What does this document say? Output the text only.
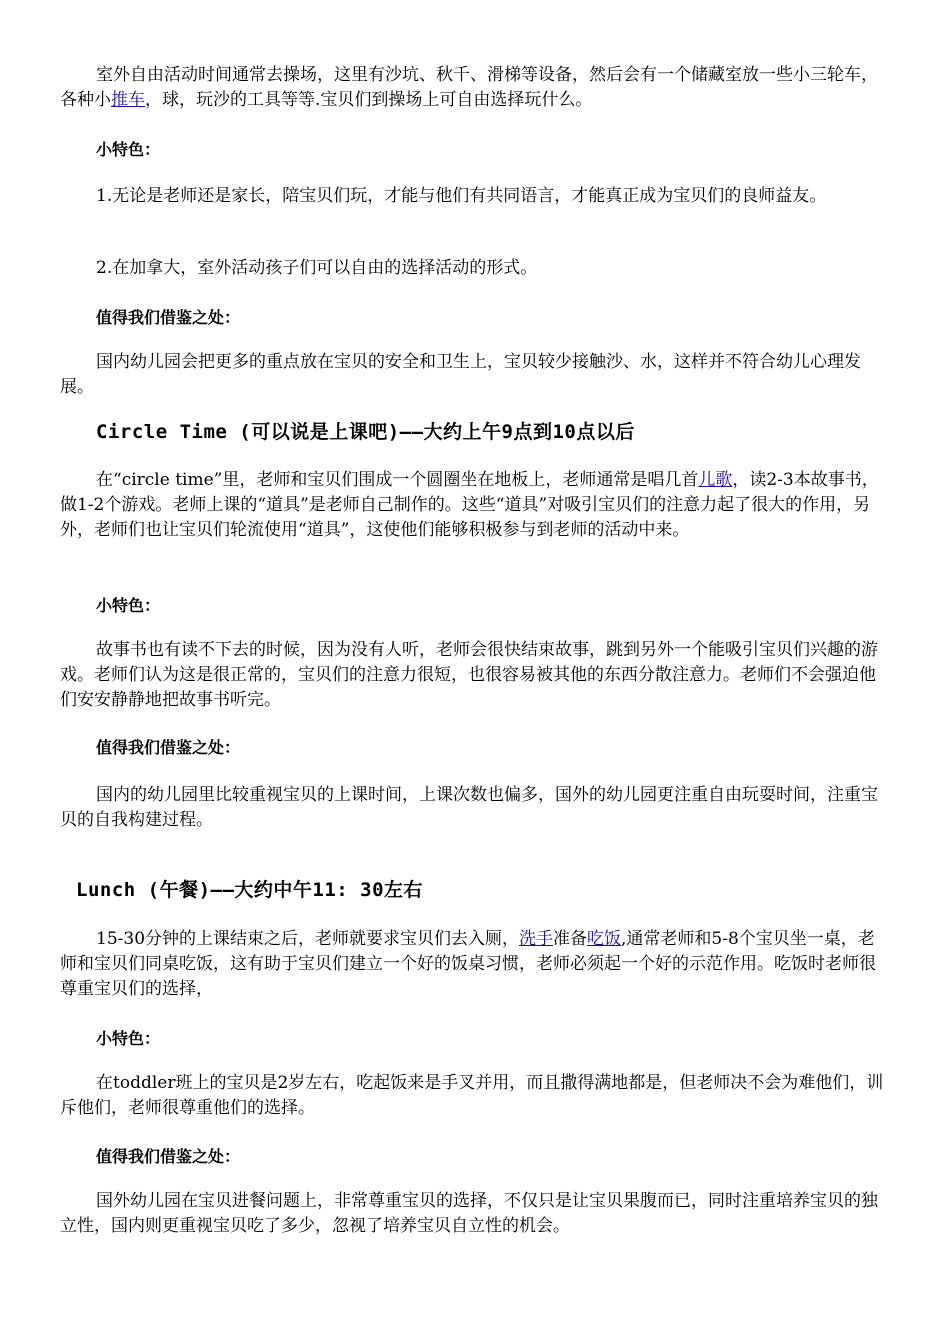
室外自由活动时间通常去操场，这里有沙坑、秋千、滑梯等设备，然后会有一个储藏室放一些小三轮车，各种小推车，球，玩沙的工具等等.宝贝们到操场上可自由选择玩什么。

小特色：

1.无论是老师还是家长，陪宝贝们玩，才能与他们有共同语言，才能真正成为宝贝们的良师益友。

2.在加拿大，室外活动孩子们可以自由的选择活动的形式。

值得我们借鉴之处：

国内幼儿园会把更多的重点放在宝贝的安全和卫生上，宝贝较少接触沙、水，这样并不符合幼儿心理发展。

Circle Time (可以说是上课吧)——大约上午9点到10点以后

在“circle time”里，老师和宝贝们围成一个圆圈坐在地板上，老师通常是唱几首儿歌，读2-3本故事书，做1-2个游戏。老师上课的“道具”是老师自己制作的。这些“道具”对吸引宝贝们的注意力起了很大的作用，另外，老师们也让宝贝们轮流使用“道具”，这使他们能够积极参与到老师的活动中来。

小特色：

故事书也有读不下去的时候，因为没有人听，老师会很快结束故事，跳到另外一个能吸引宝贝们兴趣的游戏。老师们认为这是很正常的，宝贝们的注意力很短，也很容易被其他的东西分散注意力。老师们不会强迫他们安安静静地把故事书听完。

值得我们借鉴之处：

国内的幼儿园里比较重视宝贝的上课时间，上课次数也偏多，国外的幼儿园更注重自由玩耍时间，注重宝贝的自我构建过程。

Lunch (午餐)——大约中午11: 30左右

15-30分钟的上课结束之后，老师就要求宝贝们去入厕，洗手准备吃饭,通常老师和5-8个宝贝坐一桌，老师和宝贝们同桌吃饭，这有助于宝贝们建立一个好的饭桌习惯，老师必须起一个好的示范作用。吃饭时老师很尊重宝贝们的选择，

小特色：

在toddler班上的宝贝是2岁左右，吃起饭来是手叉并用，而且撒得满地都是，但老师决不会为难他们，训斥他们，老师很尊重他们的选择。

值得我们借鉴之处：

国外幼儿园在宝贝进餐问题上，非常尊重宝贝的选择，不仅只是让宝贝果腹而已，同时注重培养宝贝的独立性，国内则更重视宝贝吃了多少，忽视了培养宝贝自立性的机会。
